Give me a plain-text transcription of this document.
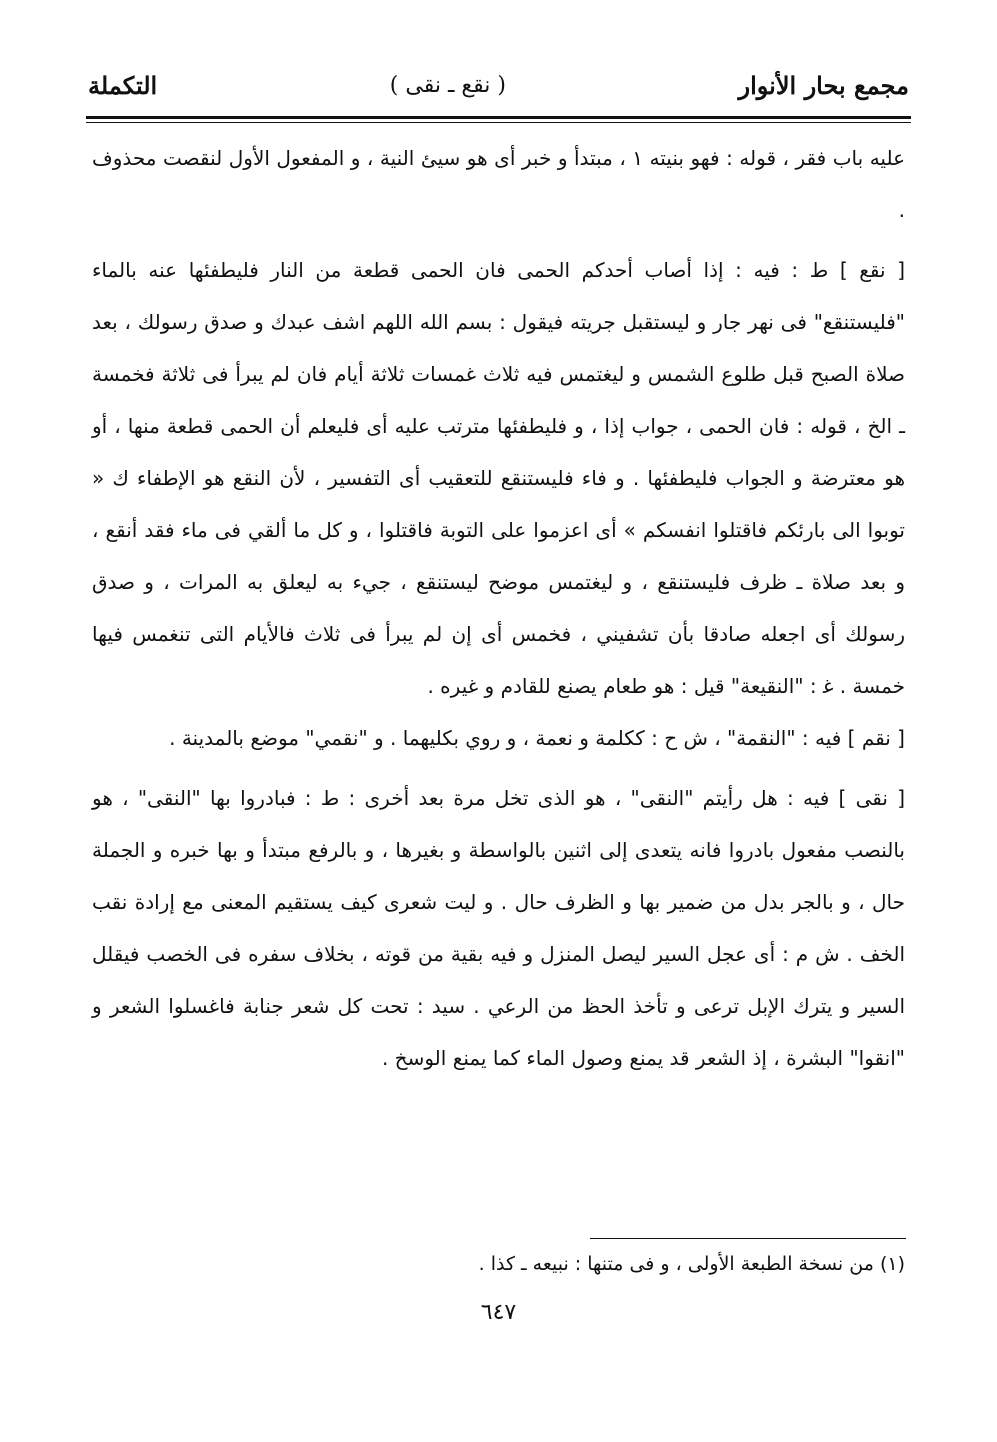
مجمع بحار الأنوار
( نقع ـ نقى )
التكملة

عليه باب فقر ، قوله : فهو بنيته ١ ، مبتدأ و خبر أى هو سيئ النية ، و المفعول الأول لنقصت محذوف .

[ نقع ] ط : فيه : إذا أصاب أحدكم الحمى فان الحمى قطعة من النار فليطفئها عنه بالماء "فليستنقع" فى نهر جار و ليستقبل جريته فيقول : بسم الله اللهم اشف عبدك و صدق رسولك ، بعد صلاة الصبح قبل طلوع الشمس و ليغتمس فيه ثلاث غمسات ثلاثة أيام فان لم يبرأ فى ثلاثة فخمسة ـ الخ ، قوله : فان الحمى ، جواب إذا ، و فليطفئها مترتب عليه أى فليعلم أن الحمى قطعة منها ، أو هو معترضة و الجواب فليطفئها . و فاء فليستنقع للتعقيب أى التفسير ، لأن النقع هو الإطفاء ك « توبوا الى بارئكم فاقتلوا انفسكم » أى اعزموا على التوبة فاقتلوا ، و كل ما ألقي فى ماء فقد أنقع ، و بعد صلاة ـ ظرف فليستنقع ، و ليغتمس موضح ليستنقع ، جيء به ليعلق به المرات ، و صدق رسولك أى اجعله صادقا بأن تشفيني ، فخمس أى إن لم يبرأ فى ثلاث فالأيام التى تنغمس فيها خمسة . غ‍ : "النقيعة" قيل : هو طعام يصنع للقادم و غيره .

[ نقم ] فيه : "النقمة" ، ش ح : ككلمة و نعمة ، و روي بكليهما . و "نقمي" موضع بالمدينة .

[ نقى ] فيه : هل رأيتم "النقى" ، هو الذى تخل مرة بعد أخرى : ط : فبادروا بها "النقى" ، هو بالنصب مفعول بادروا فانه يتعدى إلى اثنين بالواسطة و بغيرها ، و بالرفع مبتدأ و بها خبره و الجملة حال ، و بالجر بدل من ضمير بها و الظرف حال . و ليت شعرى كيف يستقيم المعنى مع إرادة نقب الخف . ش م : أى عجل السير ليصل المنزل و فيه بقية من قوته ، بخلاف سفره فى الخصب فيقلل السير و يترك الإبل ترعى و تأخذ الحظ من الرعي . سيد : تحت كل شعر جنابة فاغسلوا الشعر و "انقوا" البشرة ، إذ الشعر قد يمنع وصول الماء كما يمنع الوسخ .

(١) من نسخة الطبعة الأولى ، و فى متنها : نبيعه ـ كذا .
٦٤٧
